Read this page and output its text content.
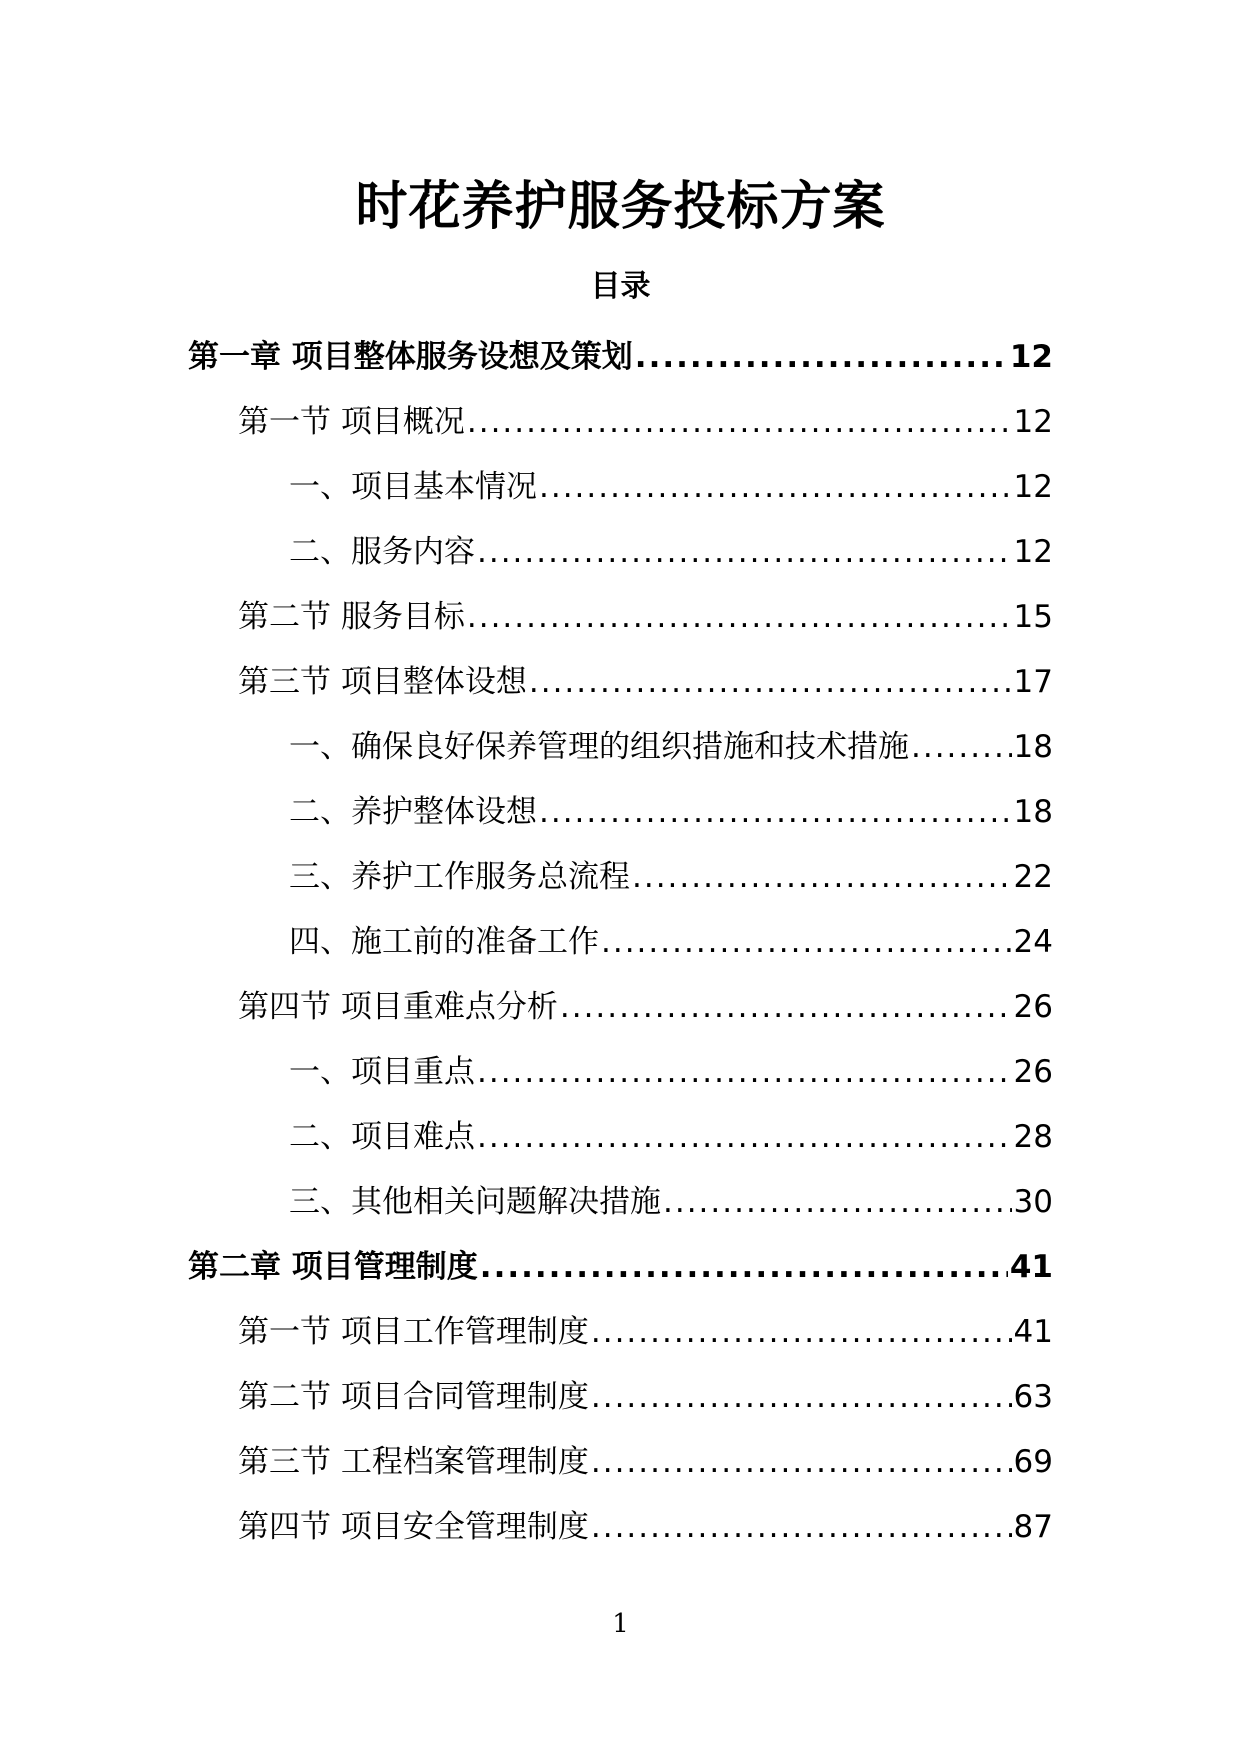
时花养护服务投标方案
目录
第一章 项目整体服务设想及策划 .....	12
第一节 项目概况 .....	12
一、项目基本情况 .....	12
二、服务内容 .....	12
第二节 服务目标 .....	15
第三节 项目整体设想 .....	17
一、确保良好保养管理的组织措施和技术措施 .....	18
二、养护整体设想 .....	18
三、养护工作服务总流程 .....	22
四、施工前的准备工作 .....	24
第四节 项目重难点分析 .....	26
一、项目重点 .....	26
二、项目难点 .....	28
三、其他相关问题解决措施 .....	30
第二章 项目管理制度 .....	41
第一节 项目工作管理制度 .....	41
第二节 项目合同管理制度 .....	63
第三节 工程档案管理制度 .....	69
第四节 项目安全管理制度 .....	87
1
